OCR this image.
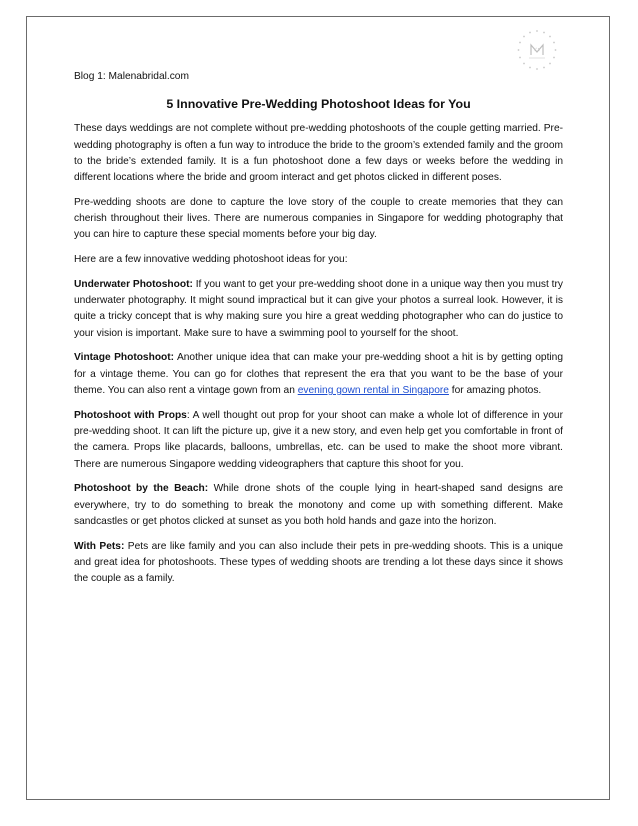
Blog 1: Malenabridal.com
5 Innovative Pre-Wedding Photoshoot Ideas for You

These days weddings are not complete without pre-wedding photoshoots of the couple getting married. Pre-wedding photography is often a fun way to introduce the bride to the groom’s extended family and the groom to the bride’s extended family. It is a fun photoshoot done a few days or weeks before the wedding in different locations where the bride and groom interact and get photos clicked in different poses.

Pre-wedding shoots are done to capture the love story of the couple to create memories that they can cherish throughout their lives. There are numerous companies in Singapore for wedding photography that you can hire to capture these special moments before your big day.

Here are a few innovative wedding photoshoot ideas for you:

Underwater Photoshoot: If you want to get your pre-wedding shoot done in a unique way then you must try underwater photography. It might sound impractical but it can give your photos a surreal look. However, it is quite a tricky concept that is why making sure you hire a great wedding photographer who can do justice to your vision is important. Make sure to have a swimming pool to yourself for the shoot.

Vintage Photoshoot: Another unique idea that can make your pre-wedding shoot a hit is by getting opting for a vintage theme. You can go for clothes that represent the era that you want to be the base of your theme. You can also rent a vintage gown from an evening gown rental in Singapore for amazing photos.

Photoshoot with Props: A well thought out prop for your shoot can make a whole lot of difference in your pre-wedding shoot. It can lift the picture up, give it a new story, and even help get you comfortable in front of the camera. Props like placards, balloons, umbrellas, etc. can be used to make the shoot more vibrant. There are numerous Singapore wedding videographers that capture this shoot for you.

Photoshoot by the Beach: While drone shots of the couple lying in heart-shaped sand designs are everywhere, try to do something to break the monotony and come up with something different. Make sandcastles or get photos clicked at sunset as you both hold hands and gaze into the horizon.

With Pets: Pets are like family and you can also include their pets in pre-wedding shoots. This is a unique and great idea for photoshoots. These types of wedding shoots are trending a lot these days since it shows the couple as a family.
